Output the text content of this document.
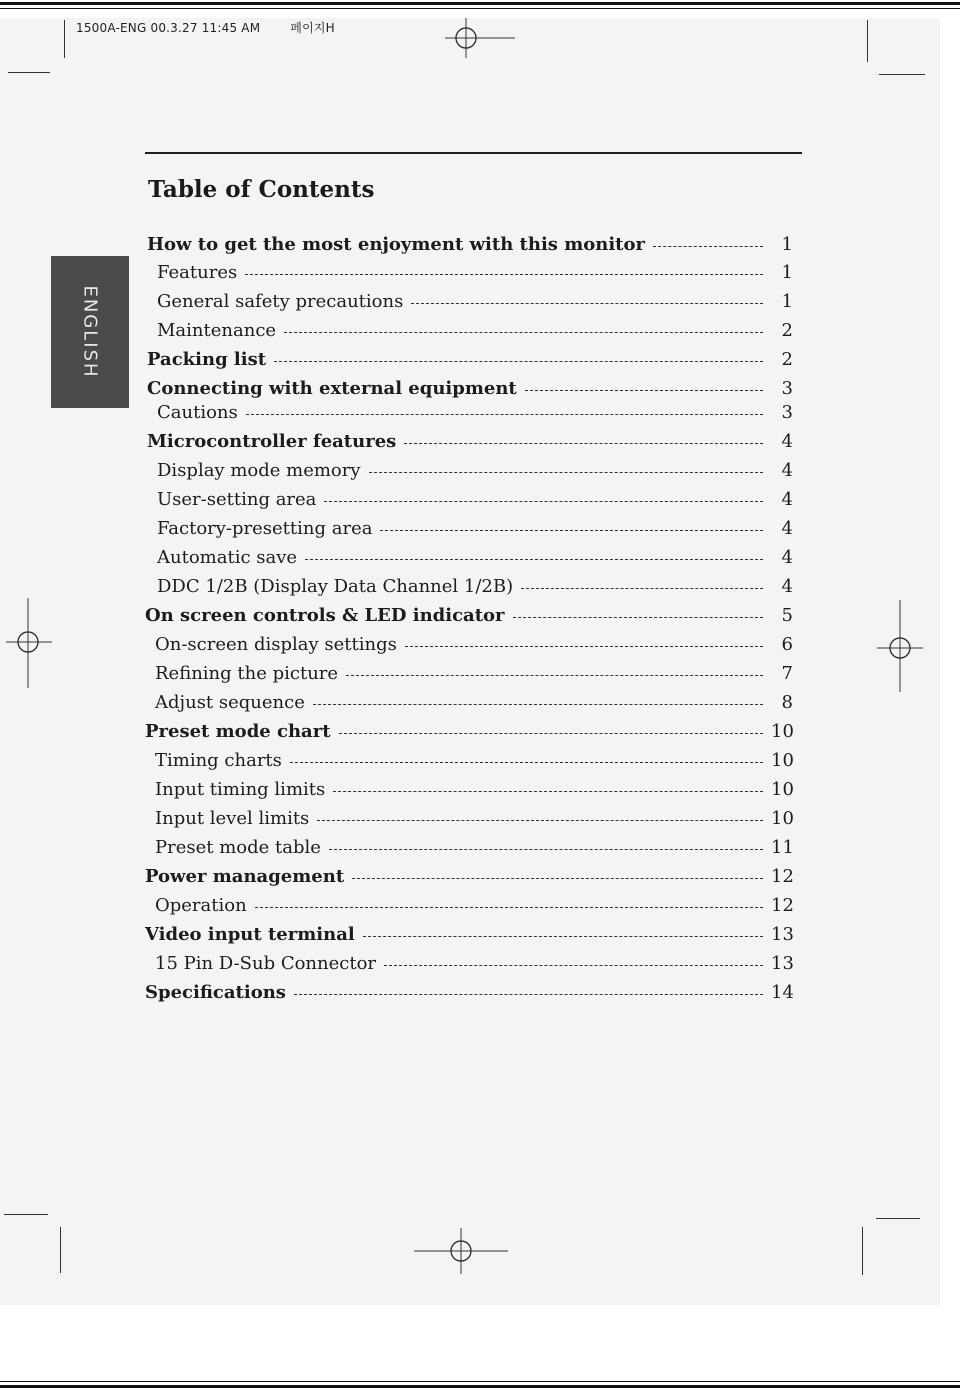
1500A-ENG 00.3.27 11:45 AM	페이지H
Table of Contents
ENGLISH
How to get the most enjoyment with this monitor	1
Features	1
General safety precautions	1
Maintenance	2
Packing list	2
Connecting with external equipment	3
Cautions	3
Microcontroller features	4
Display mode memory	4
User-setting area	4
Factory-presetting area	4
Automatic save	4
DDC 1/2B (Display Data Channel 1/2B)	4
On screen controls & LED indicator	5
On-screen display settings	6
Refining the picture	7
Adjust sequence	8
Preset mode chart	10
Timing charts	10
Input timing limits	10
Input level limits	10
Preset mode table	11
Power management	12
Operation	12
Video input terminal	13
15 Pin D-Sub Connector	13
Specifications	14
